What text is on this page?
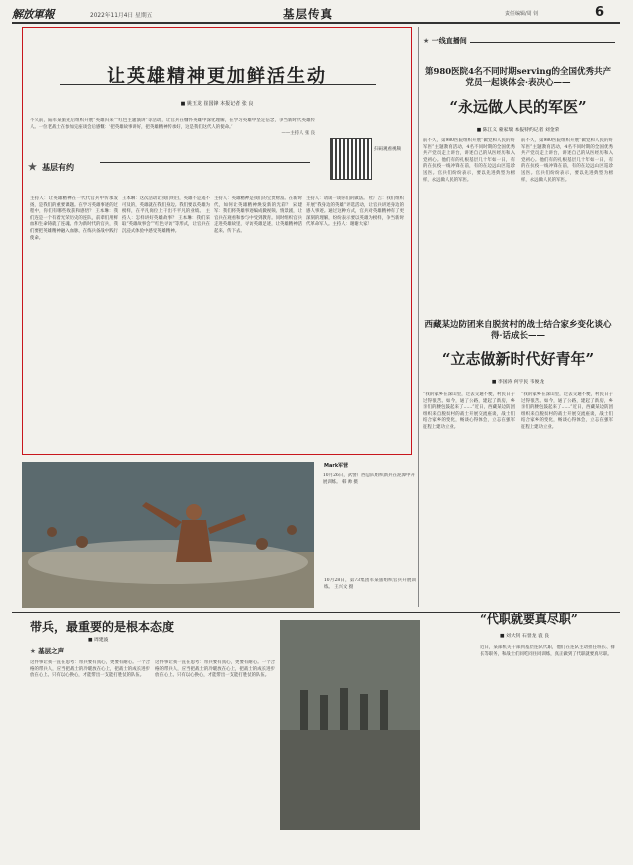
解放軍報	2022年11月4日 星期五	基层传真	责任编辑/周 钊	6
让英雄精神更加鲜活生动
■ 姚玉龙 崔国锋 本报记者 张 良
不久前，陆军某旅先后组织开展“英雄归来”“红色主题演讲”等活动，让官兵在缅怀英雄中深化理解，在学习英雄中坚定信念，争当新时代英雄传人。一位老战士在参加完座谈会后感慨：‘把英雄故事讲好，把英雄精神传承好，这是我们这代人的使命。’

——主持人 张 良
扫码观看视频
★ 基层有约
主持人：让英雄精神在一代代官兵中传承发扬，是我们的重要课题。在学习英雄事迹的过程中，你们有哪些收获和感悟？ 王本琳：我们连是一个有着光荣历史的连队，前辈们用鲜血和生命铸就了连魂。作为新时代的官兵，我们要把英雄精神融入血脉，在练兵备战中践行使命。
王本琳：这次活动让我们明白，英雄不是遥不可及的，英雄就在我们身边。我们要以英雄为榜样，在平凡岗位上干出不平凡的业绩。 主持人：怎样讲好英雄故事？ 王本琳：我们采取“英雄故事会”“红色寻访”等形式，让官兵在沉浸式体验中感受英雄精神。
主持人：英雄精神是我们的宝贵财富。在新时代，如何让英雄精神焕发新的光彩？ 宋建军：我们将英雄事迹编成微视频、情景剧，让官兵在观看和参与中受到教育。同时组织官兵走进英雄故里，寻访英雄足迹，让英雄精神活起来、传下去。
主持人：请谈一谈你们的做法。 杜广吉：我们组织开展“我身边的英雄”评选活动，让官兵讲述身边的感人事迹。通过这种方式，官兵对英雄精神有了更深刻的理解，纷纷表示要以英雄为榜样，争当新时代革命军人。主持人：谢谢大家！
★ 一线直播间
第980医院4名不同时期serving的全国优秀共产党员一起谈体会·表决心——
“永远做人民的军医”
■ 陈江义 蒙家瑞 本报特约记者 刘金荣
前不久，第980医院组织开展“做党和人民的好军医”主题教育活动，4名不同时期的全国优秀共产党员走上讲台，讲述自己的从医经历和入党初心。他们有的扎根基层几十年如一日，有的在抗疫一线冲锋在前，有的在边远山区巡诊送医。官兵们纷纷表示，要以先进典型为榜样，永远做人民的军医。
前不久，第980医院组织开展“做党和人民的好军医”主题教育活动，4名不同时期的全国优秀共产党员走上讲台，讲述自己的从医经历和入党初心。他们有的扎根基层几十年如一日，有的在抗疫一线冲锋在前，有的在边远山区巡诊送医。官兵们纷纷表示，要以先进典型为榜样，永远做人民的军医。
西藏某边防团来自脱贫村的战士结合家乡变化谈心得·话成长——
“立志做新时代好青年”
■ 李国涛 何宇民 韦俊龙
“我的家乡在深山里，过去交通不便，村民日子过得很苦。如今，通了公路，建起了新房，乡亲们的腰包鼓起来了……”近日，西藏某边防团组织来自脱贫村的战士开展交流座谈，战士们结合家乡的变化，畅谈心得体会，立志在强军征程上建功立业。
“我的家乡在深山里，过去交通不便，村民日子过得很苦。如今，通了公路，建起了新房，乡亲们的腰包鼓起来了……”近日，西藏某边防团组织来自脱贫村的战士开展交流座谈，战士们结合家乡的变化，畅谈心得体会，立志在强军征程上建功立业。
Mark军营
10月26日，武警广西总队组织新兵在泥潭中开展训练。 韩 帅 摄
10月28日，第73集团军某旅组织官兵开展训练。 王兴文 摄
带兵，最重要的是根本态度
■ 周建波
★ 基层之声
这件事让我一直在思考：带兵要有真心，更要有耐心。一个合格的带兵人，应当把战士的冷暖放在心上，把战士的成长进步放在心上。只有以心换心，才能带出一支能打胜仗的队伍。
这件事让我一直在思考：带兵要有真心，更要有耐心。一个合格的带兵人，应当把战士的冷暖放在心上，把战士的成长进步放在心上。只有以心换心，才能带出一支能打胜仗的队伍。
“代职就要真尽职”
■ 刘大钊 石誉龙 袁 良
近日，某部机关干部到基层连队代职，他们在连队主动担任班长、排长等职务，和战士们同吃同住同训练，真正做到了代职就要真尽职。
